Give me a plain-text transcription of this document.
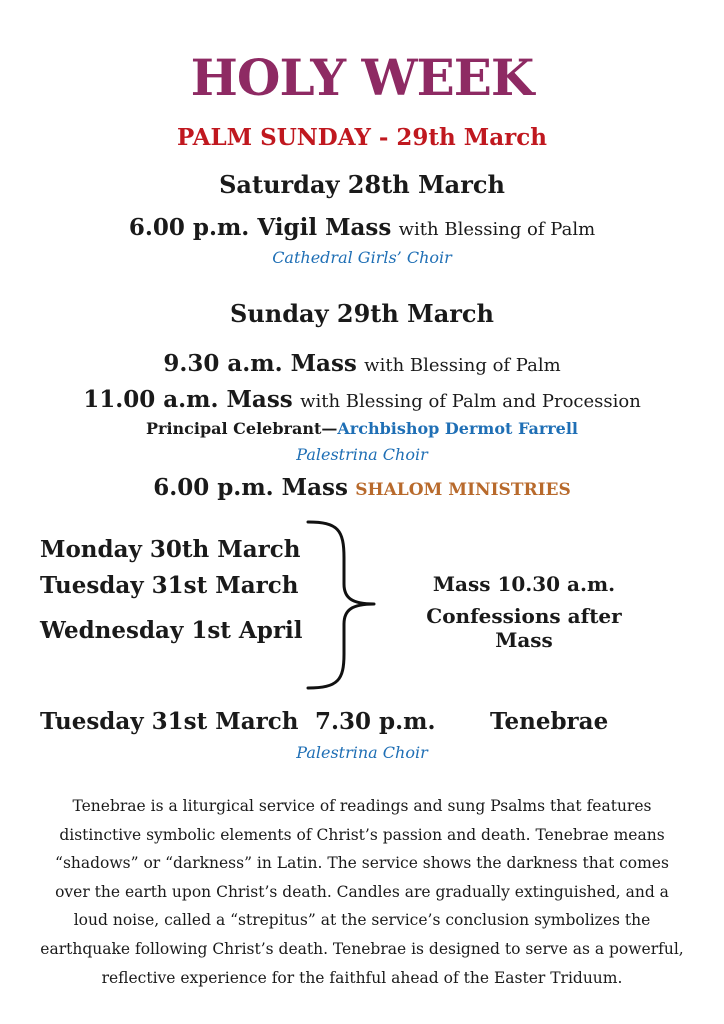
HOLY WEEK
PALM SUNDAY - 29th March
Saturday 28th March
6.00 p.m. Vigil Mass with Blessing of Palm
Cathedral Girls’ Choir
Sunday 29th March
9.30 a.m. Mass with Blessing of Palm
11.00 a.m. Mass with Blessing of Palm and Procession
Principal Celebrant—Archbishop Dermot Farrell
Palestrina Choir
6.00 p.m. Mass SHALOM MINISTRIES
Monday 30th March
Tuesday 31st March
Wednesday 1st April
Mass 10.30 a.m.
Confessions after Mass
Tuesday 31st March 7.30 p.m. Tenebrae
Palestrina Choir
Tenebrae is a liturgical service of readings and sung Psalms that features distinctive symbolic elements of Christ’s passion and death. Tenebrae means “shadows” or “darkness” in Latin. The service shows the darkness that comes over the earth upon Christ’s death. Candles are gradually extinguished, and a loud noise, called a “strepitus” at the service’s conclusion symbolizes the earthquake following Christ’s death. Tenebrae is designed to serve as a powerful, reflective experience for the faithful ahead of the Easter Triduum.
